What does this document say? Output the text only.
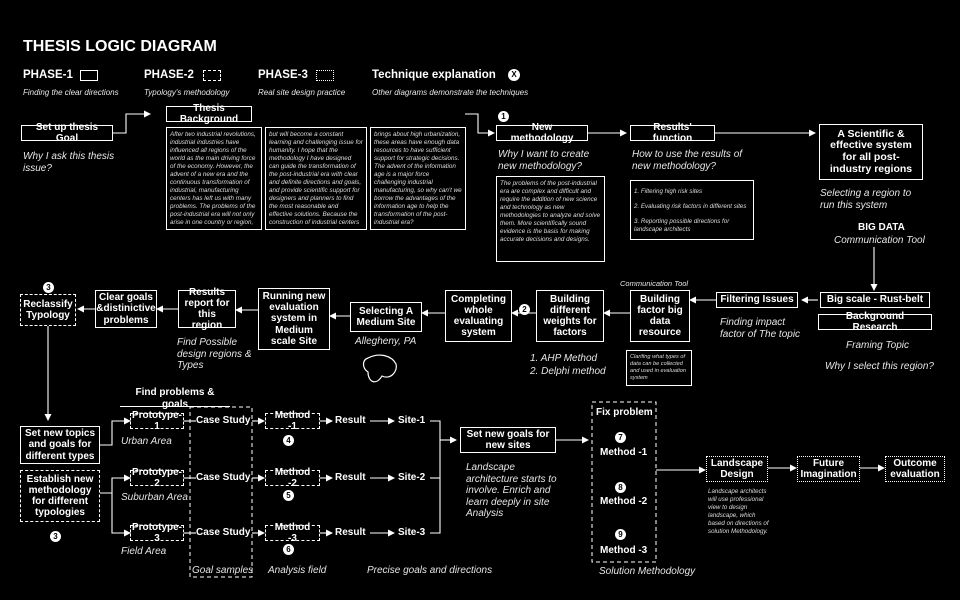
THESIS LOGIC DIAGRAM
PHASE-1
Finding the clear directions
PHASE-2
Typology's methodology
PHASE-3
Real site design practice
Technique explanation	X
Other diagrams demonstrate the techniques
Set up thesis Goal
Why I ask this thesis issue?
Thesis Background
After two industrial revolutions, industrial industries have influenced all regions of the world as the main driving force of the economy. However, the advent of a new era and the continuous transformation of industrial, manufacturing centers has left us with many problems. The problems of the post-industrial era will not only arise in one country or region,
but will become a constant learning and challenging issue for humanity. I hope that the methodology I have designed can guide the transformation of the post-industrial era with clear and definite directions and goals, and provide scientific support for designers and planners to find the most reasonable and effective solutions. Because the construction of industrial centers
brings about high urbanization, these areas have enough data resources to have sufficient support for strategic decisions. The advent of the information age is a major force challenging industrial manufacturing, so why can't we borrow the advantages of the information age to help the transformation of the post-industrial era?
1
New methodology
Why I want to create new methodology?
The problems of the post-industrial era are complex and difficult and require the addition of new science and technology as new methodologies to analyze and solve them. More scientifically sound evidence is the basis for making accurate decisions and designs.
Results' function
How to use the results of new methodology?
1. Filtering high risk sites
2. Evaluating risk factors in different sites
3. Reporting possible directions for landscape architects
A Scientific & effective system for all post-industry regions
Selecting a region to run this system
BIG DATA
Communication Tool
3
Reclassify Typology
Clear goals &distinictive problems
Results report for this region
Find Possible design regions & Types
Running new evaluation system in Medium scale Site
Selecting A Medium Site
Allegheny, PA
Completing whole evaluating system
2
Building different weights for factors
1. AHP Method
2. Delphi method
Communication Tool
Building factor big data resource
Clarifing what types of data can be collected and used in evaluation system
Filtering Issues
Finding impact factor of The topic
Big scale - Rust-belt
Background Research
Framing Topic
Why I select this region?
Find problems & goals
Set new topics and goals for different types
Establish new methodology for different typologies
3
Prototype-1
Urban Area
Prototype-2
Suburban Area
Prototype-3
Field Area
Case Study
Case Study
Case Study
Goal samples
Method -1
4
Method -2
5
Method -3
6
Analysis field
Result
Result
Result
Site-1
Site-2
Site-3
Precise goals and directions
Set new goals for new sites
Landscape architecture starts to involve. Enrich and learn deeply in site Analysis
Fix problem
7
Method -1
8
Method -2
9
Method -3
Solution Methodology
Landscape Design
Landscape architects will use professional view to design landscape, which based on directions of solution Methodology.
Future Imagination
Outcome evaluation
